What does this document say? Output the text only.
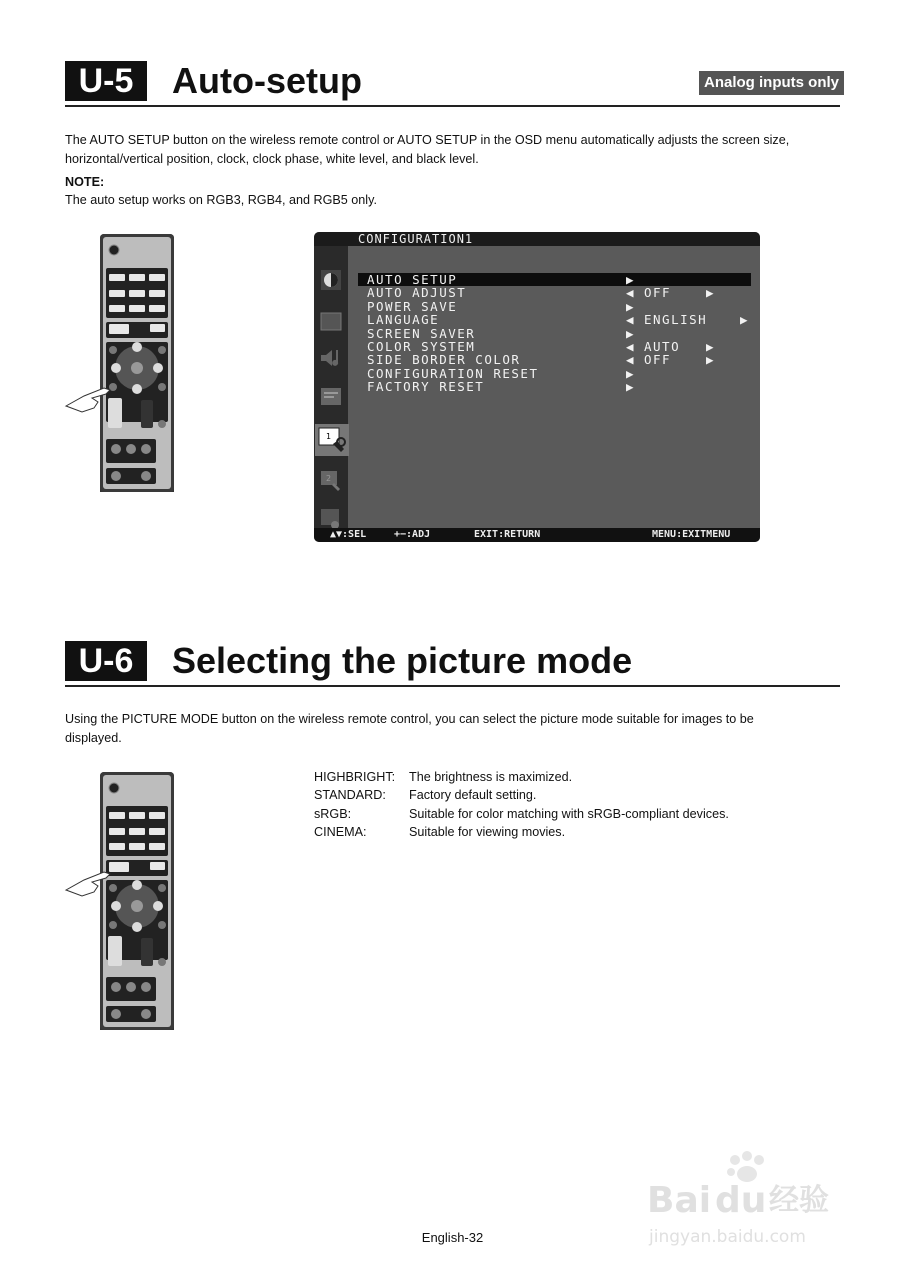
U-5	Auto-setup	Analog inputs only
The AUTO SETUP button on the wireless remote control or AUTO SETUP in the OSD menu automatically adjusts the screen size,
horizontal/vertical position, clock, clock phase, white level, and black level.
NOTE:
The auto setup works on RGB3, RGB4, and RGB5 only.
CONFIGURATION1
1
2
AUTO SETUP	▶
AUTO ADJUST	◀ OFF	▶
POWER SAVE	▶
LANGUAGE	◀ ENGLISH	▶
SCREEN SAVER	▶
COLOR SYSTEM	◀ AUTO ▶
SIDE BORDER COLOR	◀ OFF	▶
CONFIGURATION RESET	▶
FACTORY RESET	▶
▲▼:SEL	+−:ADJ	EXIT:RETURN	MENU:EXITMENU
U-6	Selecting the picture mode
Using the PICTURE MODE button on the wireless remote control, you can select the picture mode suitable for images to be
displayed.
HIGHBRIGHT:	The brightness is maximized.
STANDARD:	Factory default setting.
sRGB:	Suitable for color matching with sRGB-compliant devices.
CINEMA:	Suitable for viewing movies.
Bai du 经验
jingyan.baidu.com
English-32
